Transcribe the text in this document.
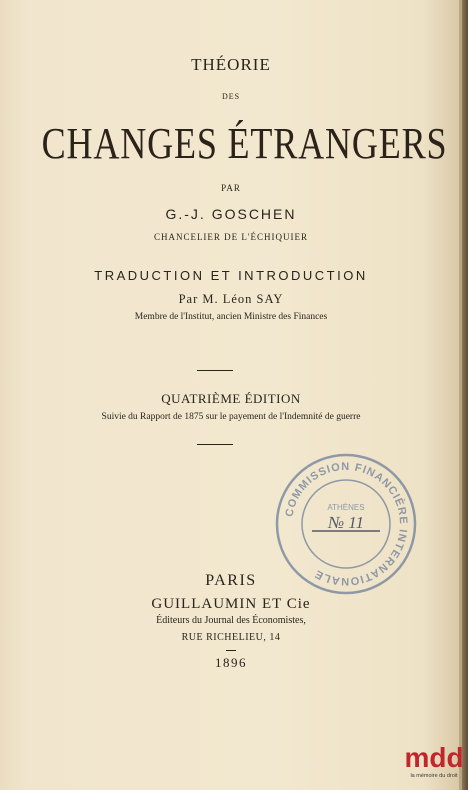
THÉORIE
DES
CHANGES ÉTRANGERS
PAR
G.-J. GOSCHEN
CHANCELIER DE L'ÉCHIQUIER
TRADUCTION ET INTRODUCTION
Par M. Léon SAY
Membre de l'Institut, ancien Ministre des Finances
QUATRIÈME ÉDITION
Suivie du Rapport de 1875 sur le payement de l'Indemnité de guerre
PARIS
GUILLAUMIN ET Cie
Éditeurs du Journal des Économistes,
RUE RICHELIEU, 14
1896
COMMISSION FINANCIÈRE INTERNATIONALE
ATHÈNES
№ 11
mdd
la mémoire du droit
